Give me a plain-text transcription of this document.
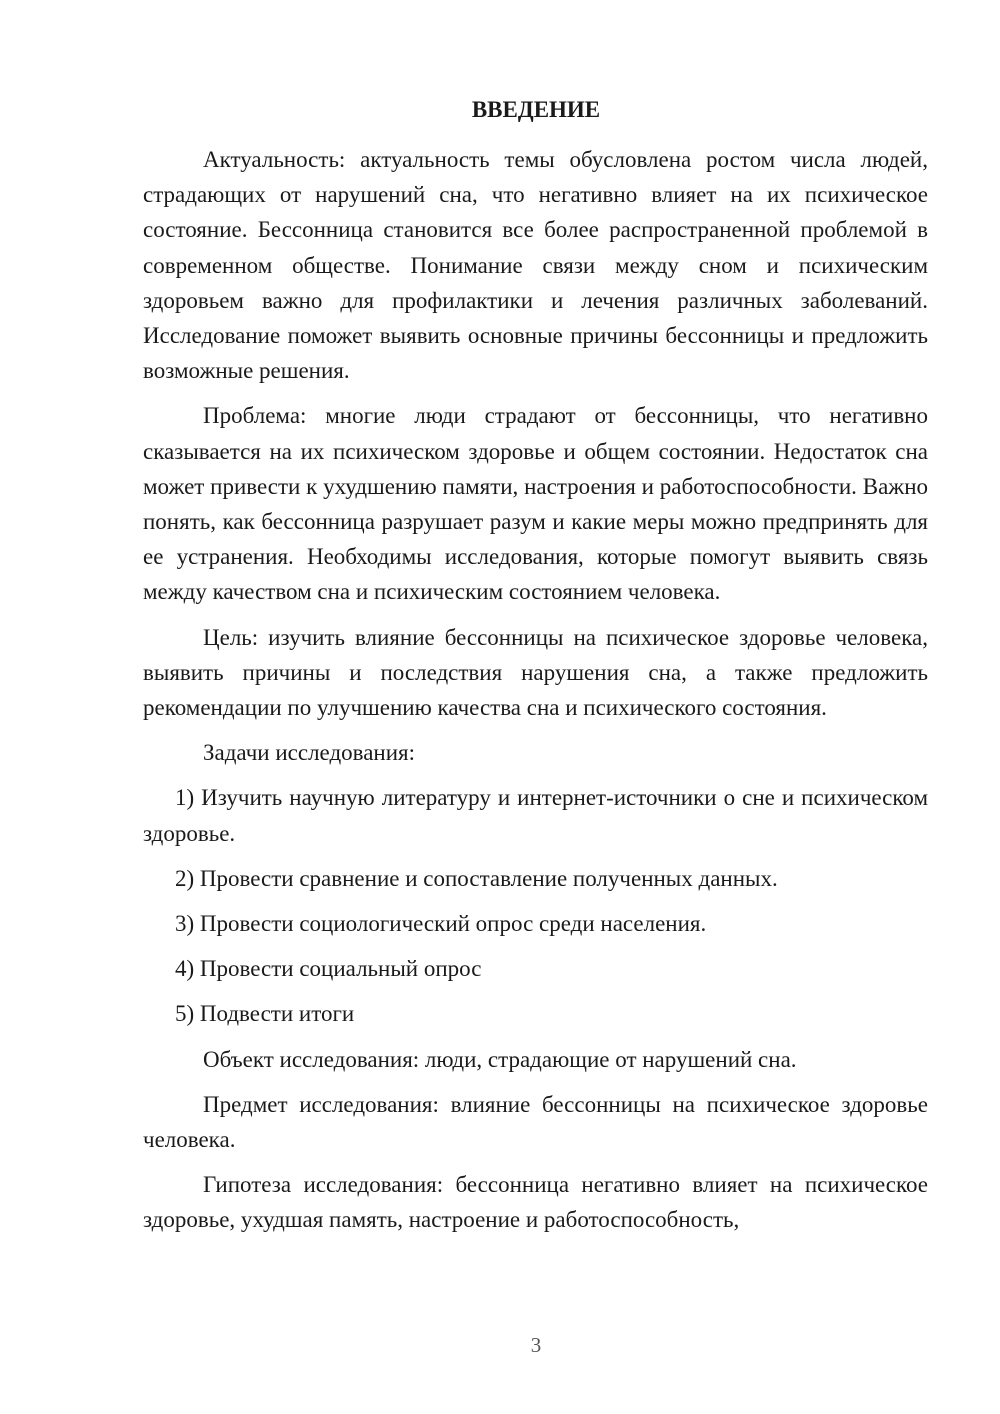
ВВЕДЕНИЕ

Актуальность: актуальность темы обусловлена ростом числа людей, страдающих от нарушений сна, что негативно влияет на их психическое состояние. Бессонница становится все более распространенной проблемой в современном обществе. Понимание связи между сном и психическим здоровьем важно для профилактики и лечения различных заболеваний. Исследование поможет выявить основные причины бессонницы и предложить возможные решения.

Проблема: многие люди страдают от бессонницы, что негативно сказывается на их психическом здоровье и общем состоянии. Недостаток сна может привести к ухудшению памяти, настроения и работоспособности. Важно понять, как бессонница разрушает разум и какие меры можно предпринять для ее устранения. Необходимы исследования, которые помогут выявить связь между качеством сна и психическим состоянием человека.

Цель: изучить влияние бессонницы на психическое здоровье человека, выявить причины и последствия нарушения сна, а также предложить рекомендации по улучшению качества сна и психического состояния.

Задачи исследования:

1) Изучить научную литературу и интернет-источники о сне и психическом здоровье.

2) Провести сравнение и сопоставление полученных данных.

3) Провести социологический опрос среди населения.

4) Провести социальный опрос

5) Подвести итоги

Объект исследования: люди, страдающие от нарушений сна.

Предмет исследования: влияние бессонницы на психическое здоровье человека.

Гипотеза исследования: бессонница негативно влияет на психическое здоровье, ухудшая память, настроение и работоспособность,

3
